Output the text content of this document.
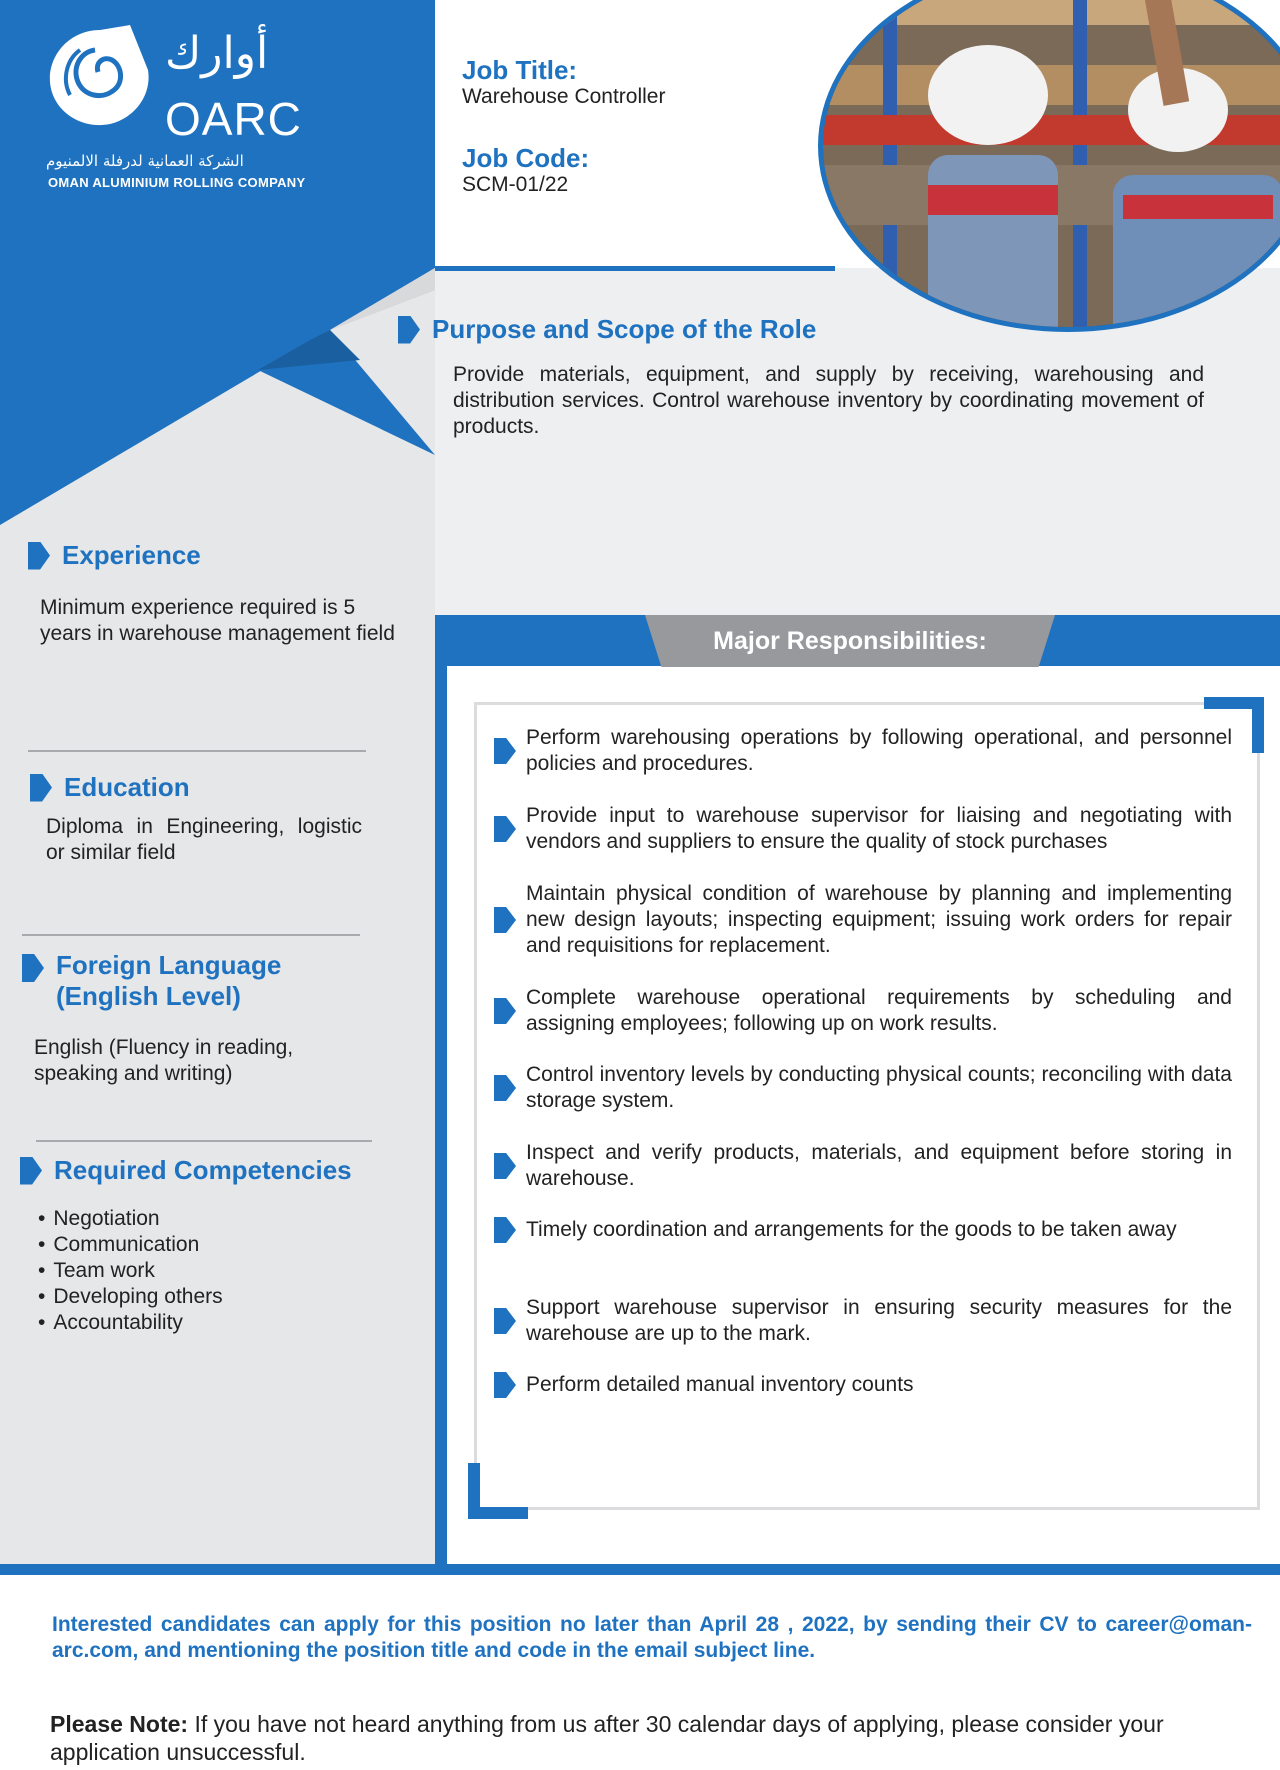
أوارك
OARC
الشركة العمانية لدرفلة الالمنيوم
OMAN ALUMINIUM ROLLING COMPANY
Job Title:
Warehouse Controller
Job Code:
SCM-01/22
Purpose and Scope of the Role
Provide materials, equipment, and supply by receiving, warehousing and distribution services. Control warehouse inventory by coordinating movement of products.
Experience
Minimum experience required is 5 years in warehouse management field
Education
Diploma in Engineering, logistic or similar field
Foreign Language
(English Level)
English (Fluency in reading, speaking and writing)
Required Competencies
• Negotiation
• Communication
• Team work
• Developing others
• Accountability
Major Responsibilities:
Perform warehousing operations by following operational, and personnel policies and procedures.
Provide input to warehouse supervisor for liaising and negotiating with vendors and suppliers to ensure the quality of stock purchases
Maintain physical condition of warehouse by planning and implementing new design layouts; inspecting equipment; issuing work orders for repair and requisitions for replacement.
Complete warehouse operational requirements by scheduling and assigning employees; following up on work results.
Control inventory levels by conducting physical counts; reconciling with data storage system.
Inspect and verify products, materials, and equipment before storing in warehouse.
Timely coordination and arrangements for the goods to be taken away
Support warehouse supervisor in ensuring security measures for the warehouse are up to the mark.
Perform detailed manual inventory counts
Interested candidates can apply for this position no later than April 28 , 2022, by sending their CV to career@oman-arc.com, and mentioning the position title and code in the email subject line.
Please Note: If you have not heard anything from us after 30 calendar days of applying, please consider your application unsuccessful.
